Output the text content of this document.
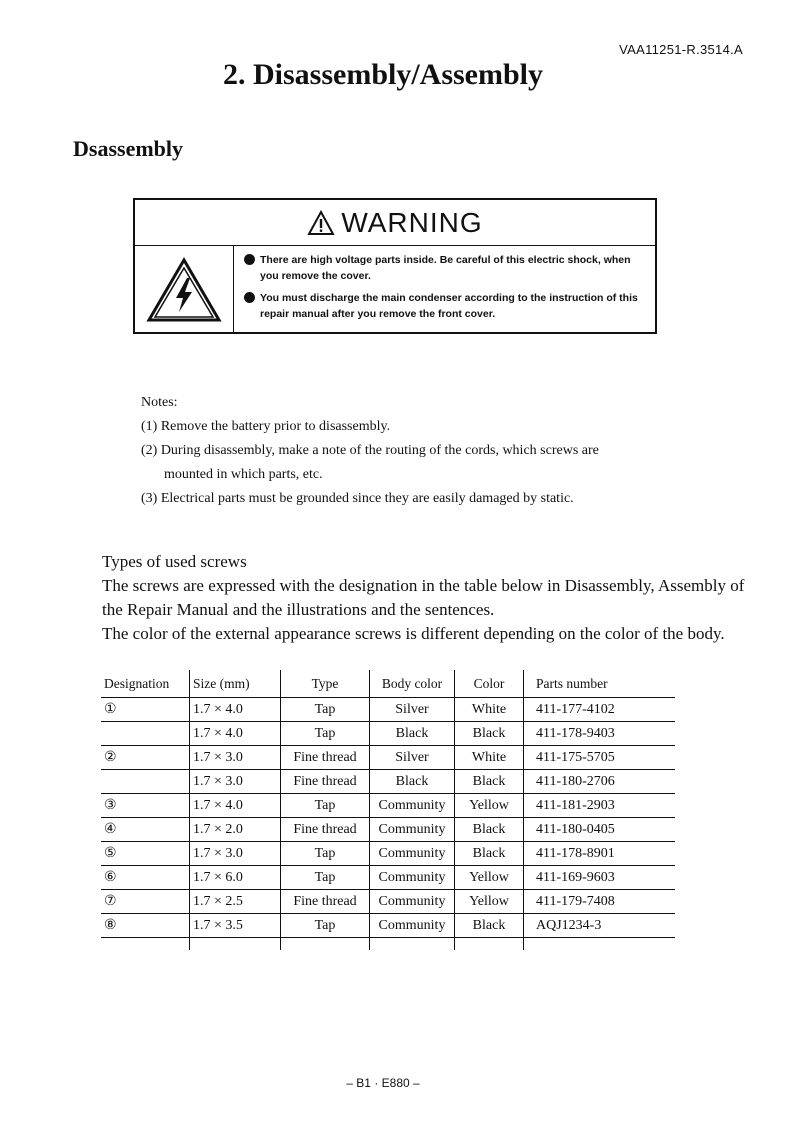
VAA11251-R.3514.A
2. Disassembly/Assembly
Dsassembly
WARNING
There are high voltage parts inside. Be careful of this electric shock, when you remove the cover.
You must discharge the main condenser according to the instruction of this repair manual after you remove the front cover.
Notes:
(1) Remove the battery prior to disassembly.
(2) During disassembly, make a note of the routing of the cords, which screws are
mounted in which parts, etc.
(3) Electrical parts must be grounded since they are easily damaged by static.
Types of used screws
The screws are expressed with the designation in the table below in Disassembly, Assembly of the Repair Manual and the illustrations and the sentences.
The color of the external appearance screws is different depending on the color of the body.
Designation	Size (mm)	Type	Body color	Color	Parts number
①	1.7 × 4.0	Tap	Silver	White	411-177-4102
	1.7 × 4.0	Tap	Black	Black	411-178-9403
②	1.7 × 3.0	Fine thread	Silver	White	411-175-5705
	1.7 × 3.0	Fine thread	Black	Black	411-180-2706
③	1.7 × 4.0	Tap	Community	Yellow	411-181-2903
④	1.7 × 2.0	Fine thread	Community	Black	411-180-0405
⑤	1.7 × 3.0	Tap	Community	Black	411-178-8901
⑥	1.7 × 6.0	Tap	Community	Yellow	411-169-9603
⑦	1.7 × 2.5	Fine thread	Community	Yellow	411-179-7408
⑧	1.7 × 3.5	Tap	Community	Black	AQJ1234-3

– B1 · E880 –
